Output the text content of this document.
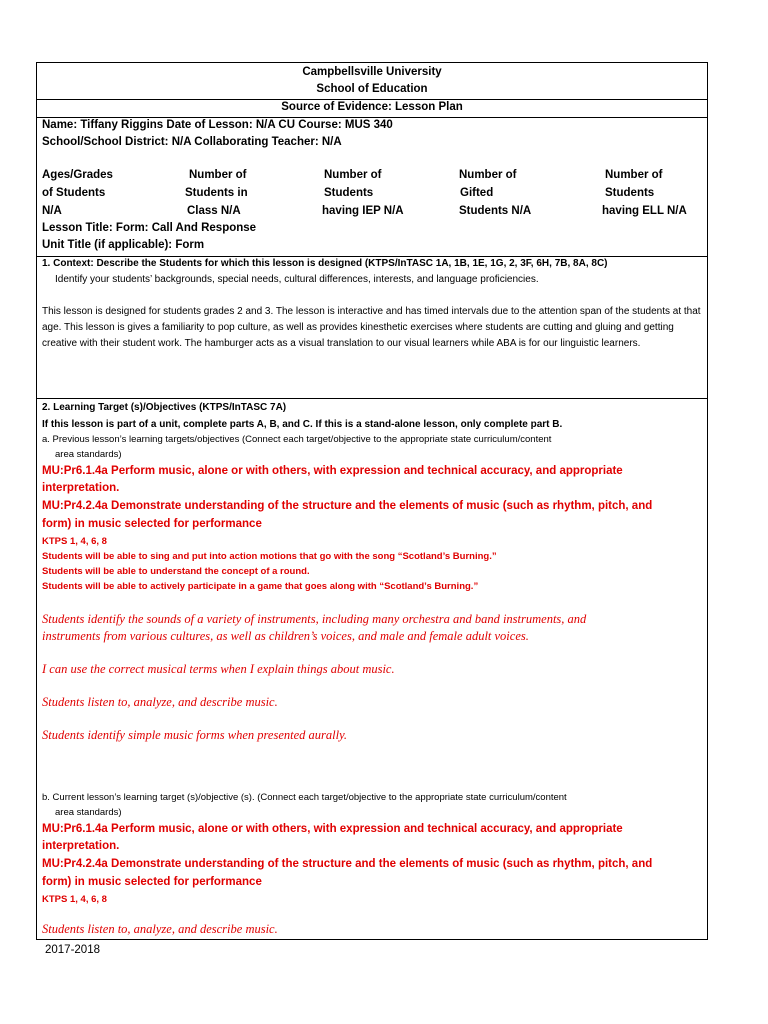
Campbellsville University
School of Education
Source of Evidence: Lesson Plan
Name: Tiffany Riggins Date of Lesson: N/A CU Course: MUS 340
School/School District: N/A Collaborating Teacher: N/A
Ages/Grades
of Students
N/A
Number of
Students in
Class N/A
Number of
Students
having IEP N/A
Number of
Gifted
Students N/A
Number of
Students
having ELL N/A
Lesson Title: Form: Call And Response
Unit Title (if applicable): Form
1. Context: Describe the Students for which this lesson is designed (KTPS/InTASC 1A, 1B, 1E, 1G, 2, 3F, 6H, 7B, 8A, 8C)
Identify your students’ backgrounds, special needs, cultural differences, interests, and language proficiencies.
This lesson is designed for students grades 2 and 3. The lesson is interactive and has timed intervals due to the attention span of the students at that age. This lesson is gives a familiarity to pop culture, as well as provides kinesthetic exercises where students are cutting and gluing and getting creative with their student work. The hamburger acts as a visual translation to our visual learners while ABA is for our linguistic learners.
2. Learning Target (s)/Objectives (KTPS/InTASC 7A)
If this lesson is part of a unit, complete parts A, B, and C. If this is a stand-alone lesson, only complete part B.
a. Previous lesson’s learning targets/objectives (Connect each target/objective to the appropriate state curriculum/content
area standards)
MU:Pr6.1.4a Perform music, alone or with others, with expression and technical accuracy, and appropriate
interpretation.
MU:Pr4.2.4a Demonstrate understanding of the structure and the elements of music (such as rhythm, pitch, and
form) in music selected for performance
KTPS 1, 4, 6, 8
Students will be able to sing and put into action motions that go with the song “Scotland’s Burning.”
Students will be able to understand the concept of a round.
Students will be able to actively participate in a game that goes along with “Scotland’s Burning.”
Students identify the sounds of a variety of instruments, including many orchestra and band instruments, and
instruments from various cultures, as well as children’s voices, and male and female adult voices.
I can use the correct musical terms when I explain things about music.
Students listen to, analyze, and describe music.
Students identify simple music forms when presented aurally.
b. Current lesson’s learning target (s)/objective (s). (Connect each target/objective to the appropriate state curriculum/content
area standards)
MU:Pr6.1.4a Perform music, alone or with others, with expression and technical accuracy, and appropriate
interpretation.
MU:Pr4.2.4a Demonstrate understanding of the structure and the elements of music (such as rhythm, pitch, and
form) in music selected for performance
KTPS 1, 4, 6, 8
Students listen to, analyze, and describe music.
2017-2018
